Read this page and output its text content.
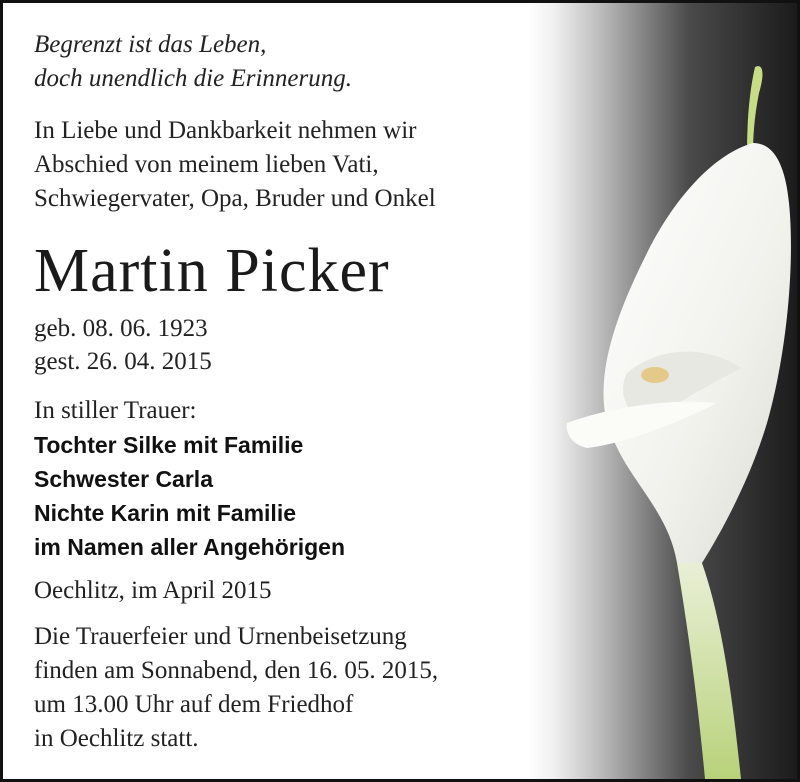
Begrenzt ist das Leben,
doch unendlich die Erinnerung.
In Liebe und Dankbarkeit nehmen wir
Abschied von meinem lieben Vati,
Schwiegervater, Opa, Bruder und Onkel
Martin Picker
geb. 08. 06. 1923
gest. 26. 04. 2015
In stiller Trauer:
Tochter Silke mit Familie
Schwester Carla
Nichte Karin mit Familie
im Namen aller Angehörigen
Oechlitz, im April 2015
Die Trauerfeier und Urnenbeisetzung
finden am Sonnabend, den 16. 05. 2015,
um 13.00 Uhr auf dem Friedhof
in Oechlitz statt.
